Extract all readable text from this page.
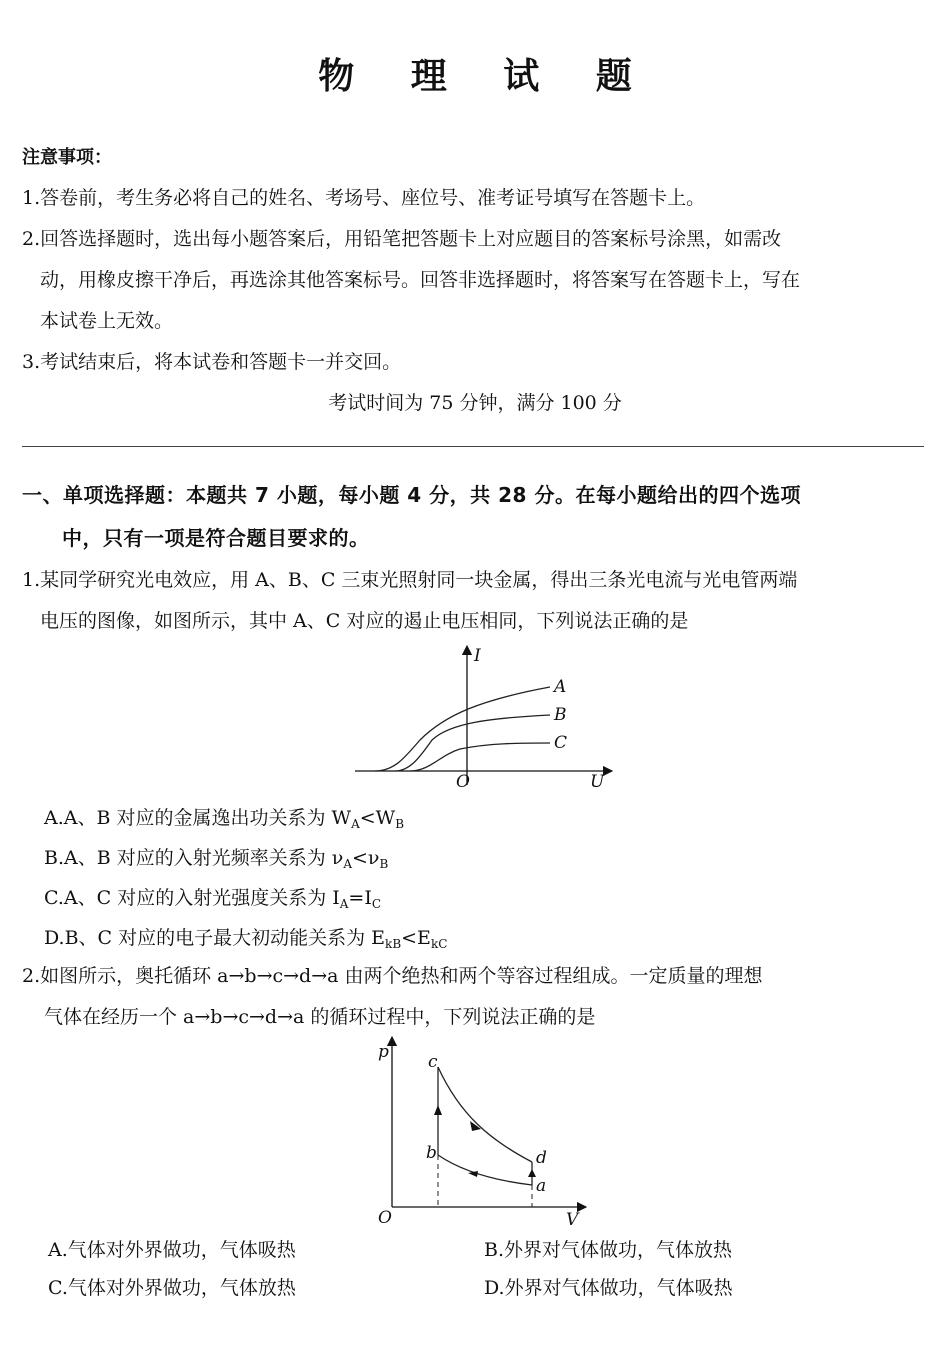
物 理 试 题
注意事项：
1.答卷前，考生务必将自己的姓名、考场号、座位号、准考证号填写在答题卡上。
2.回答选择题时，选出每小题答案后，用铅笔把答题卡上对应题目的答案标号涂黑，如需改
动，用橡皮擦干净后，再选涂其他答案标号。回答非选择题时，将答案写在答题卡上，写在
本试卷上无效。
3.考试结束后，将本试卷和答题卡一并交回。
考试时间为 75 分钟，满分 100 分
一、单项选择题：本题共 7 小题，每小题 4 分，共 28 分。在每小题给出的四个选项
中，只有一项是符合题目要求的。
1.某同学研究光电效应，用 A、B、C 三束光照射同一块金属，得出三条光电流与光电管两端
电压的图像，如图所示，其中 A、C 对应的遏止电压相同，下列说法正确的是
I
U
O
A
B
C
A.A、B 对应的金属逸出功关系为 $W_A<W_B$
B.A、B 对应的入射光频率关系为 $\nu_A<\nu_B$
C.A、C 对应的入射光强度关系为 $I_A=I_C$
D.B、C 对应的电子最大初动能关系为 $E_{kB}<E_{kC}$
2.如图所示，奥托循环 a→b→c→d→a 由两个绝热和两个等容过程组成。一定质量的理想
气体在经历一个 a→b→c→d→a 的循环过程中，下列说法正确的是
p
V
O
a
b
c
d
A.气体对外界做功，气体吸热	B.外界对气体做功，气体放热
C.气体对外界做功，气体放热	D.外界对气体做功，气体吸热
